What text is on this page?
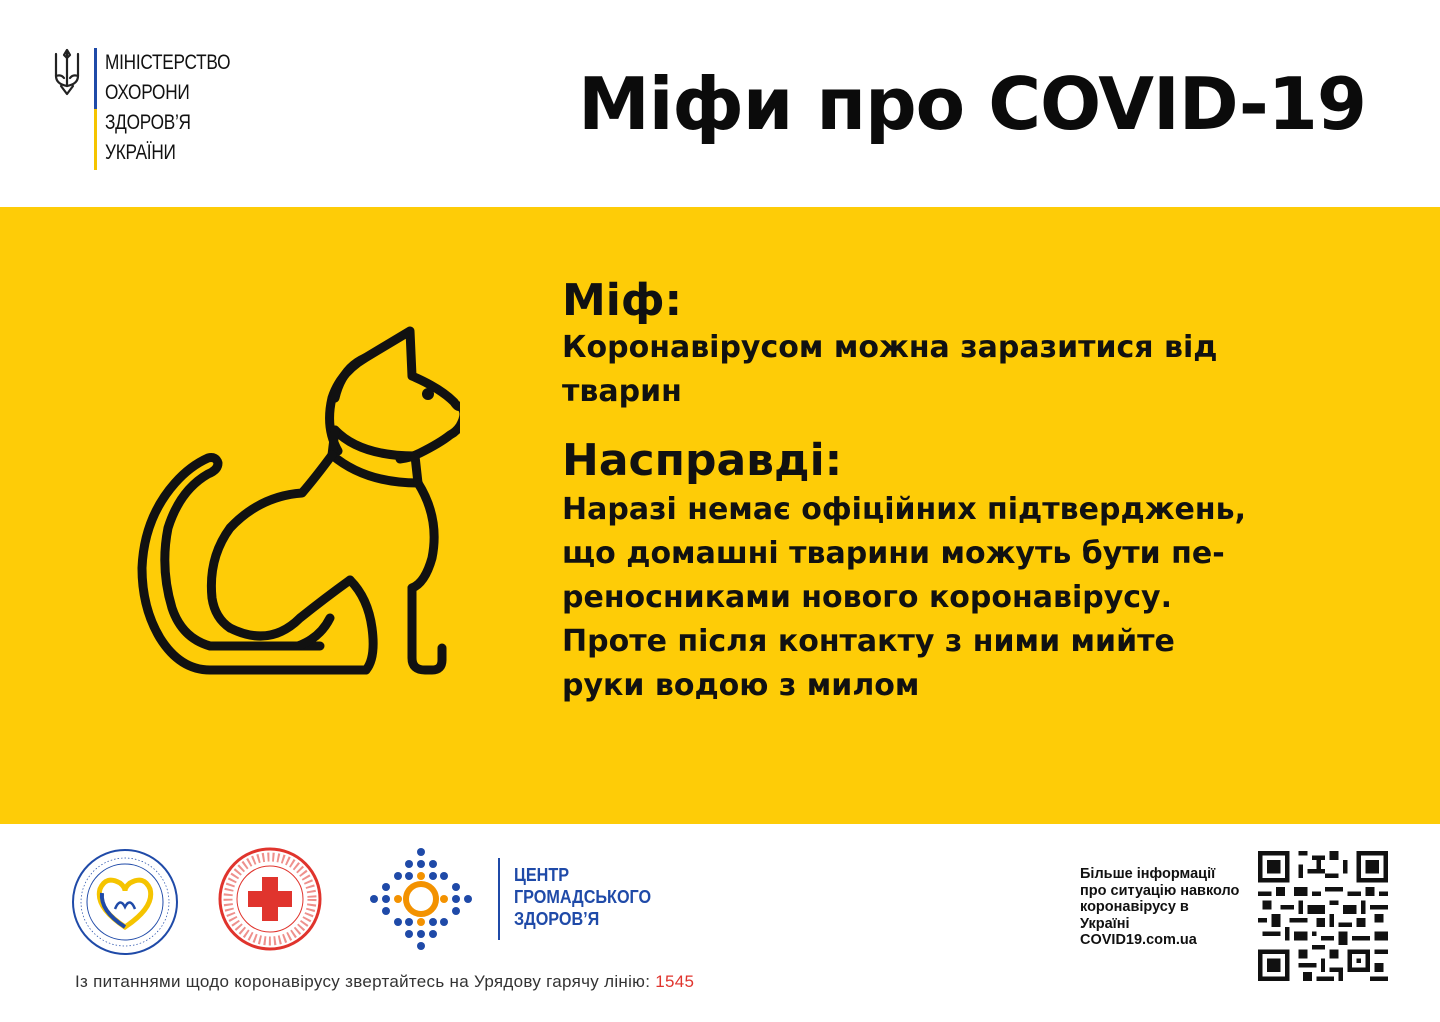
МІНІСТЕРСТВО
ОХОРОНИ
ЗДОРОВ’Я
УКРАЇНИ
Міфи про COVID-19
Міф:
Коронавірусом можна заразитися від тварин
Насправді:
Наразі немає офіційних підтверджень,
що домашні тварини можуть бути пе-
реносниками нового коронавірусу.
Проте після контакту з ними мийте
руки водою з милом
ЦЕНТР
ГРОМАДСЬКОГО
ЗДОРОВ’Я
Із питаннями щодо коронавірусу звертайтесь на Урядову гарячу лінію: 1545
Більше інформації про ситуацію навколо коронавірусу в Україні
COVID19.com.ua
